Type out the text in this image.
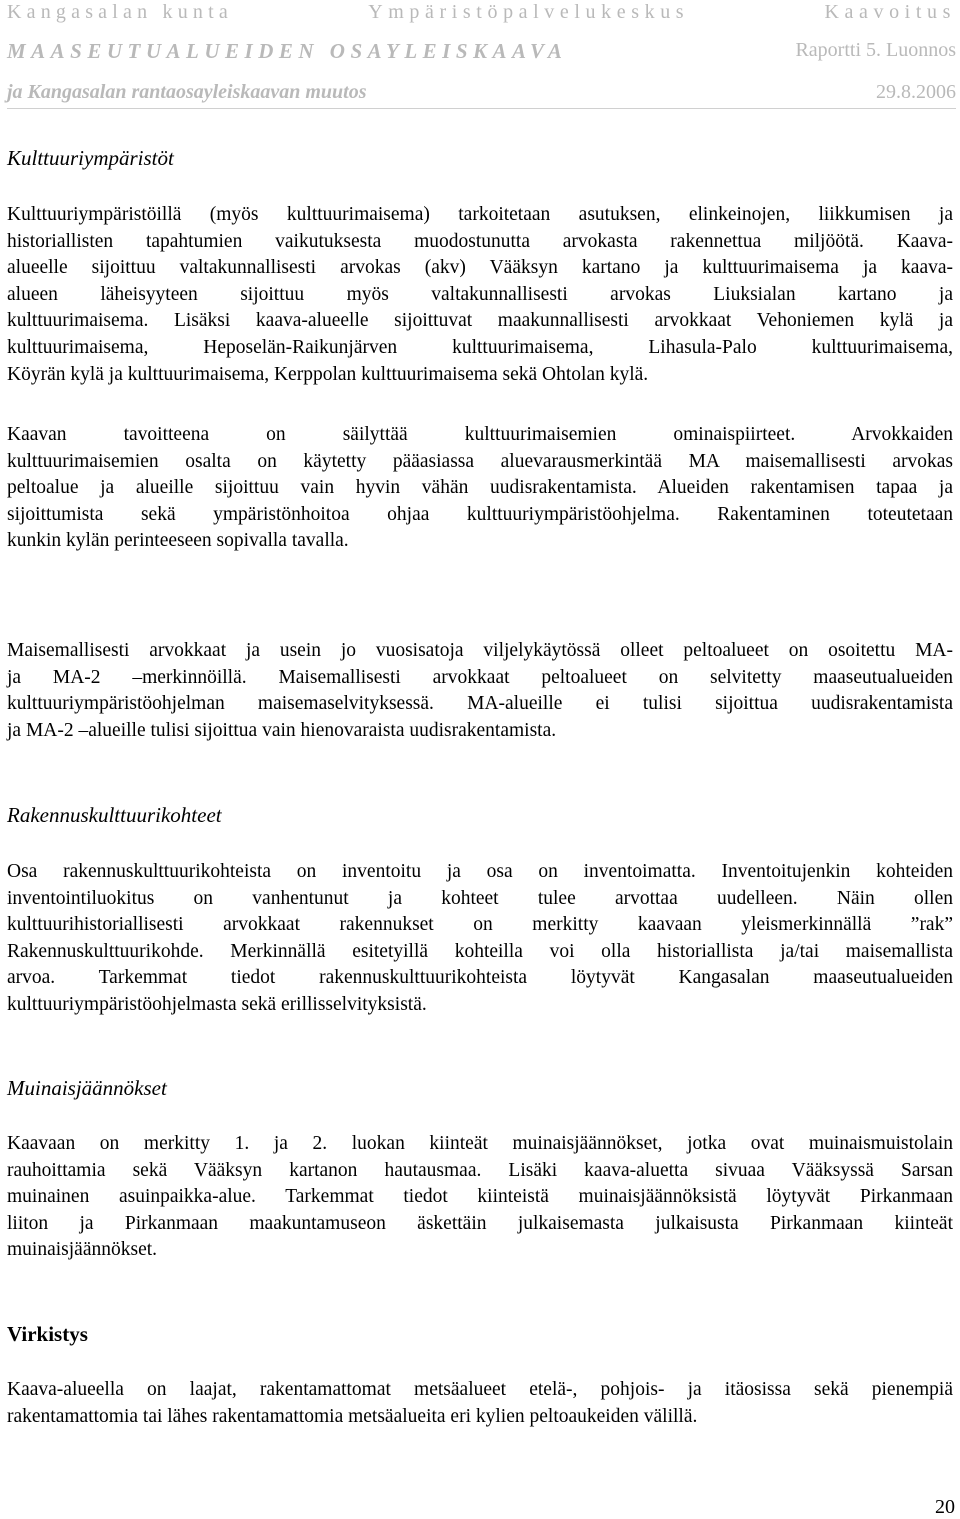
Kangasalan kunta	Ympäristöpalvelukeskus	Kaavoitus
MAASEUTUALUEIDEN OSAYLEISKAAVA	Raportti 5. Luonnos
ja Kangasalan rantaosayleiskaavan muutos	29.8.2006
Kulttuuriympäristöt
Kulttuuriympäristöillä (myös kulttuurimaisema) tarkoitetaan asutuksen, elinkeinojen, liikkumisen ja
historiallisten tapahtumien vaikutuksesta muodostunutta arvokasta rakennettua miljöötä. Kaava-
alueelle sijoittuu valtakunnallisesti arvokas (akv) Vääksyn kartano ja kulttuurimaisema ja kaava-
alueen läheisyyteen sijoittuu myös valtakunnallisesti arvokas Liuksialan kartano ja
kulttuurimaisema. Lisäksi kaava-alueelle sijoittuvat maakunnallisesti arvokkaat Vehoniemen kylä ja
kulttuurimaisema, Heposelän-Raikunjärven kulttuurimaisema, Lihasula-Palo kulttuurimaisema,
Köyrän kylä ja kulttuurimaisema, Kerppolan kulttuurimaisema sekä Ohtolan kylä.
Kaavan tavoitteena on säilyttää kulttuurimaisemien ominaispiirteet. Arvokkaiden
kulttuurimaisemien osalta on käytetty pääasiassa aluevarausmerkintää MA maisemallisesti arvokas
peltoalue ja alueille sijoittuu vain hyvin vähän uudisrakentamista. Alueiden rakentamisen tapaa ja
sijoittumista sekä ympäristönhoitoa ohjaa kulttuuriympäristöohjelma. Rakentaminen toteutetaan
kunkin kylän perinteeseen sopivalla tavalla.
Maisemallisesti arvokkaat ja usein jo vuosisatoja viljelykäytössä olleet peltoalueet on osoitettu MA-
ja MA-2 –merkinnöillä. Maisemallisesti arvokkaat peltoalueet on selvitetty maaseutualueiden
kulttuuriympäristöohjelman maisemaselvityksessä. MA-alueille ei tulisi sijoittua uudisrakentamista
ja MA-2 –alueille tulisi sijoittua vain hienovaraista uudisrakentamista.
Rakennuskulttuurikohteet
Osa rakennuskulttuurikohteista on inventoitu ja osa on inventoimatta. Inventoitujenkin kohteiden
inventointiluokitus on vanhentunut ja kohteet tulee arvottaa uudelleen. Näin ollen
kulttuurihistoriallisesti arvokkaat rakennukset on merkitty kaavaan yleismerkinnällä ”rak”
Rakennuskulttuurikohde. Merkinnällä esitetyillä kohteilla voi olla historiallista ja/tai maisemallista
arvoa. Tarkemmat tiedot rakennuskulttuurikohteista löytyvät Kangasalan maaseutualueiden
kulttuuriympäristöohjelmasta sekä erillisselvityksistä.
Muinaisjäännökset
Kaavaan on merkitty 1. ja 2. luokan kiinteät muinaisjäännökset, jotka ovat muinaismuistolain
rauhoittamia sekä Vääksyn kartanon hautausmaa. Lisäki kaava-aluetta sivuaa Vääksyssä Sarsan
muinainen asuinpaikka-alue. Tarkemmat tiedot kiinteistä muinaisjäännöksistä löytyvät Pirkanmaan
liiton ja Pirkanmaan maakuntamuseon äskettäin julkaisemasta julkaisusta Pirkanmaan kiinteät
muinaisjäännökset.
Virkistys
Kaava-alueella on laajat, rakentamattomat metsäalueet etelä-, pohjois- ja itäosissa sekä pienempiä
rakentamattomia tai lähes rakentamattomia metsäalueita eri kylien peltoaukeiden välillä.
20
